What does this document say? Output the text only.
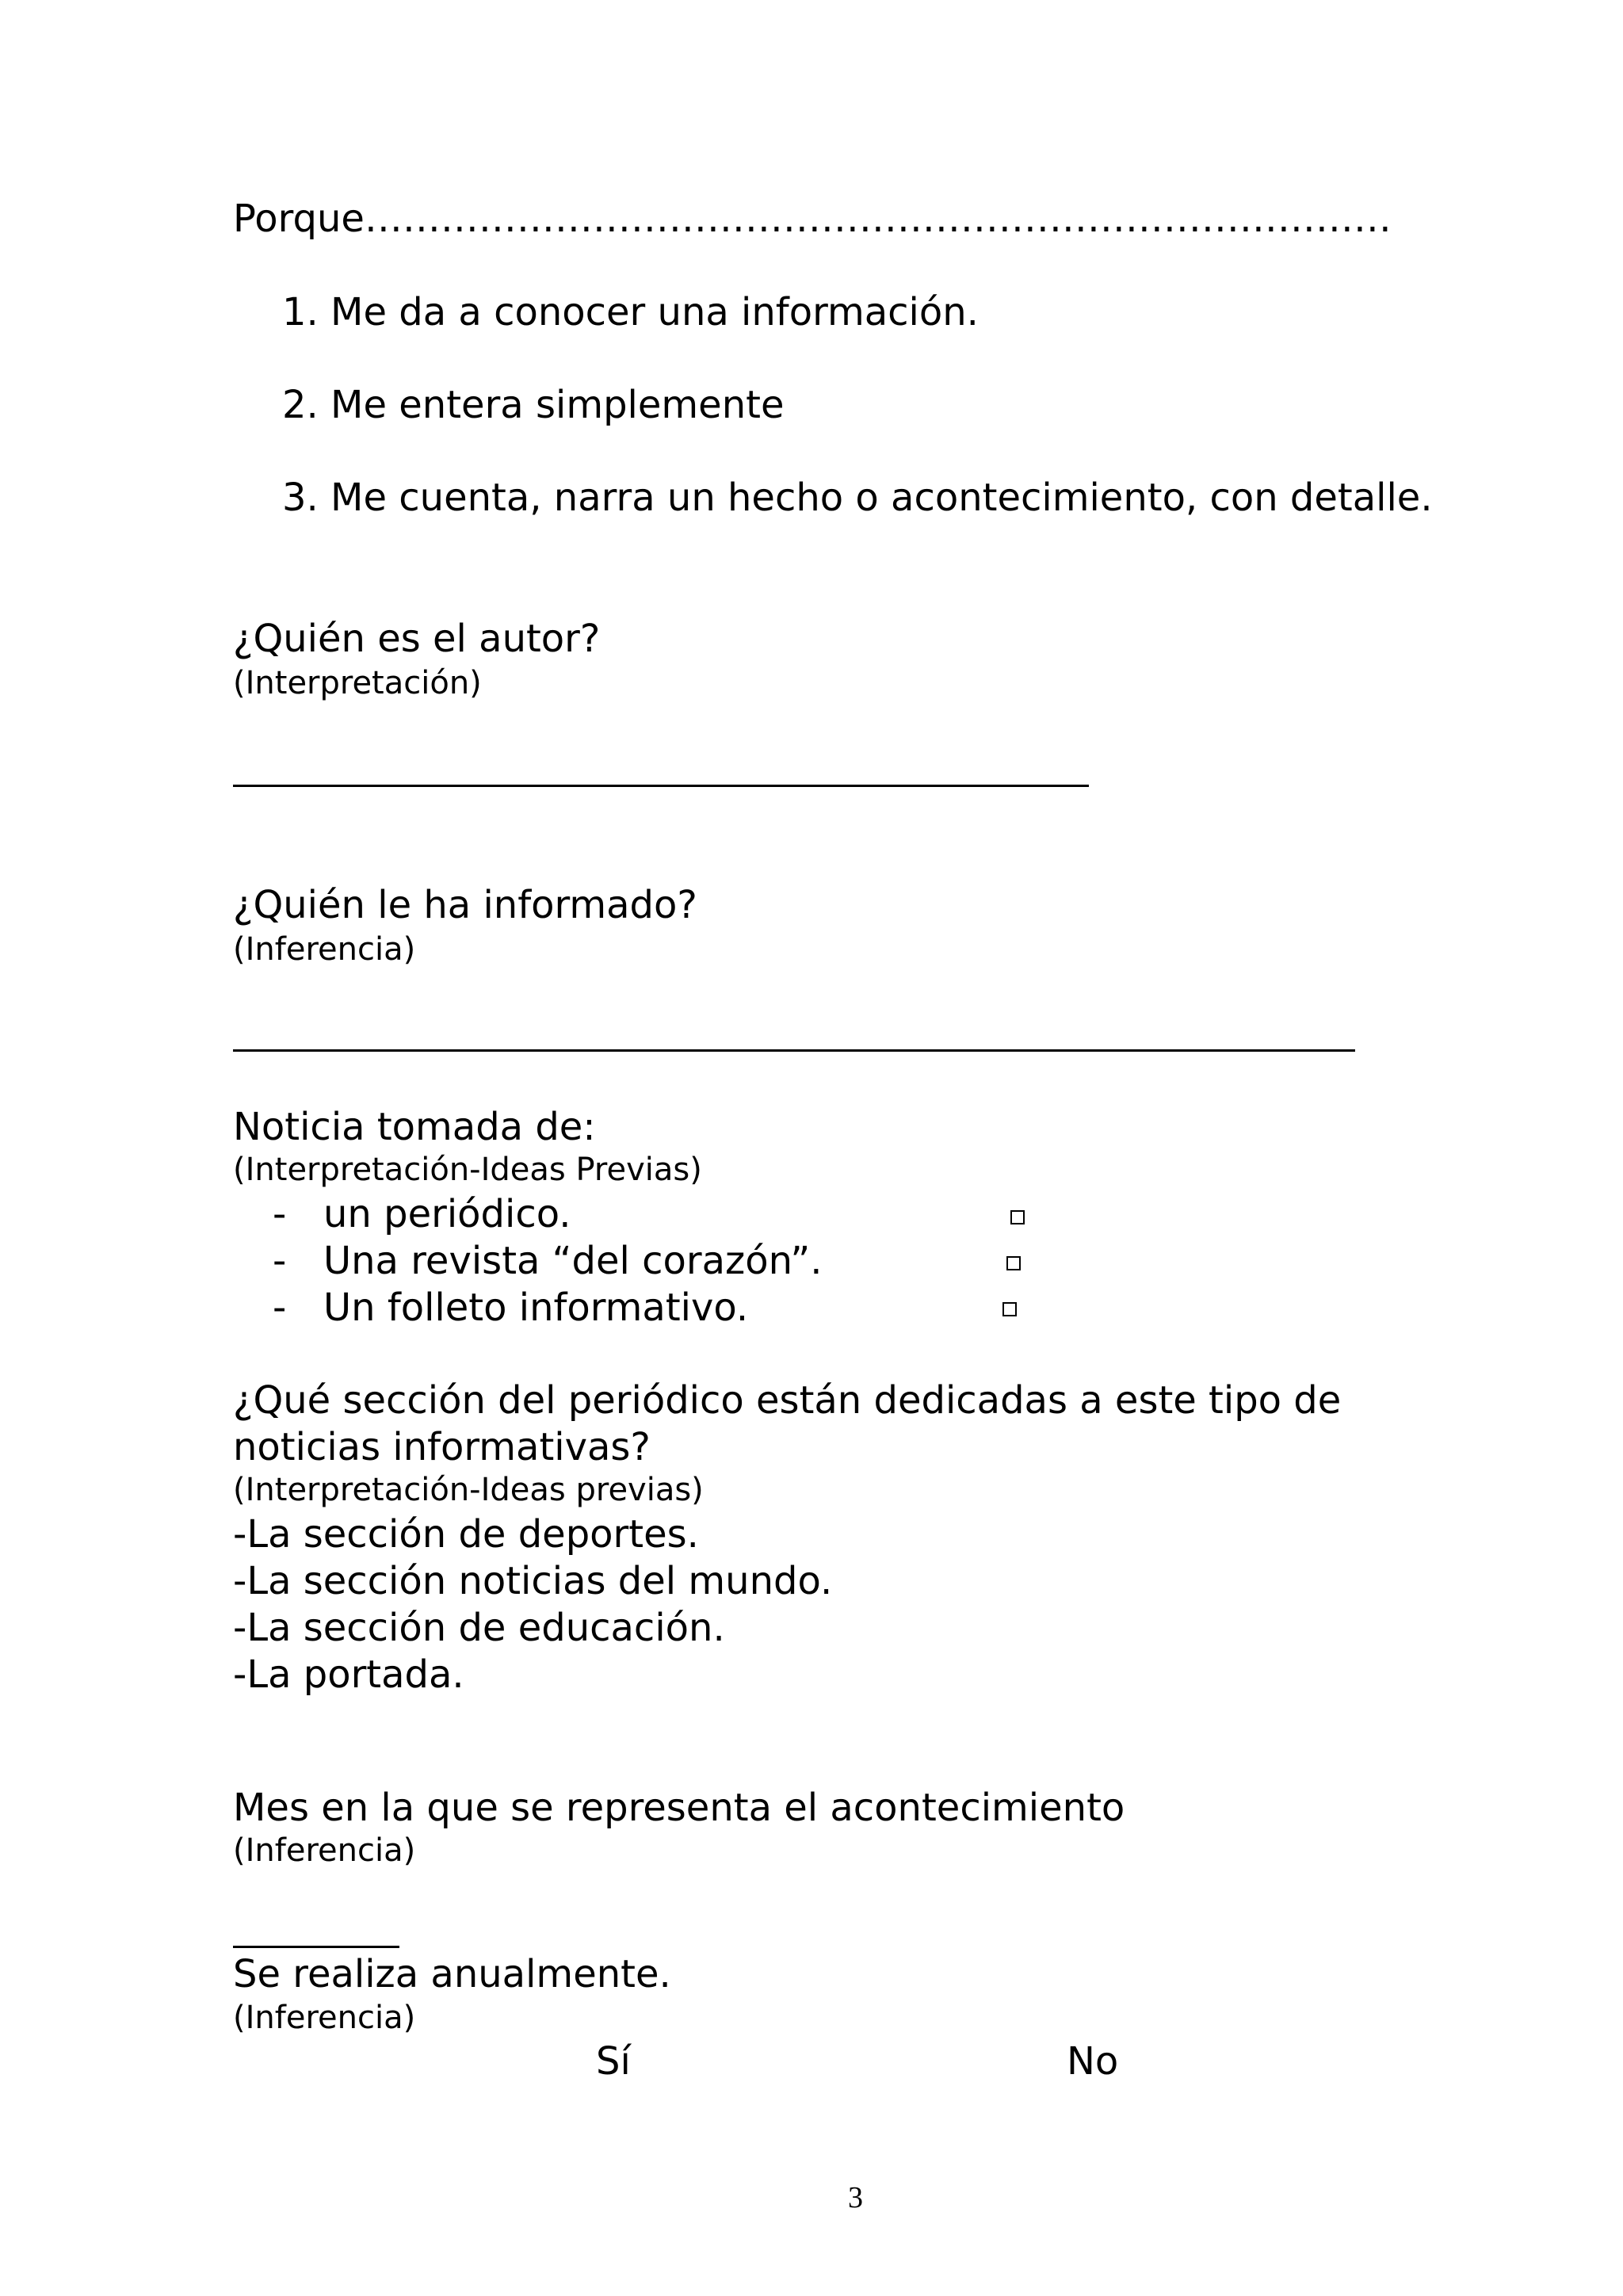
Porque………………………………………………………………………
1. Me da a conocer una información.
2. Me entera simplemente
3. Me cuenta, narra un hecho o acontecimiento, con detalle.
¿Quién es el autor?
(Interpretación)
¿Quién le ha informado?
(Inferencia)
Noticia tomada de:
(Interpretación-Ideas Previas)
- un periódico.
- Una revista “del corazón”.
- Un folleto informativo.
¿Qué sección del periódico están dedicadas a este tipo de
noticias informativas?
(Interpretación-Ideas previas)
-La sección de deportes.
-La sección noticias del mundo.
-La sección de educación.
-La portada.
Mes en la que se representa el acontecimiento
(Inferencia)
Se realiza anualmente.
(Inferencia)
Sí	No
3
